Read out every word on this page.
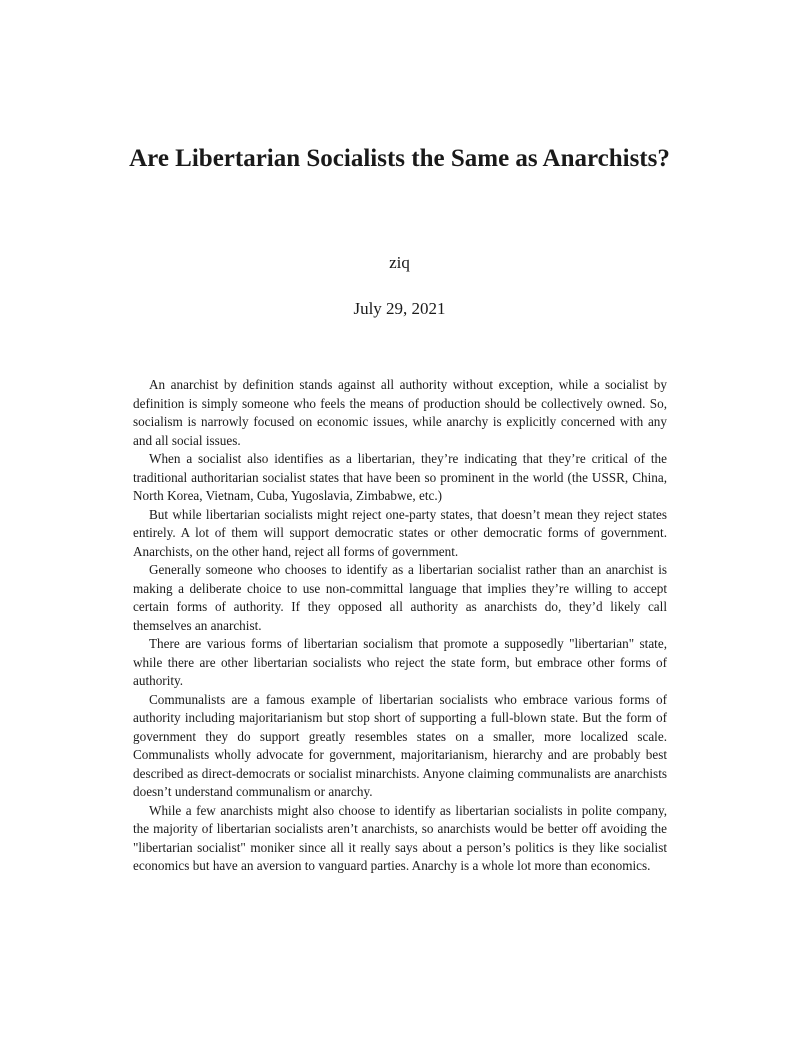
Are Libertarian Socialists the Same as Anarchists?
ziq
July 29, 2021

An anarchist by definition stands against all authority without exception, while a socialist by definition is simply someone who feels the means of production should be collectively owned. So, socialism is narrowly focused on economic issues, while anarchy is explicitly concerned with any and all social issues.

When a socialist also identifies as a libertarian, they’re indicating that they’re critical of the traditional authoritarian socialist states that have been so prominent in the world (the USSR, China, North Korea, Vietnam, Cuba, Yugoslavia, Zimbabwe, etc.)

But while libertarian socialists might reject one-party states, that doesn’t mean they reject states entirely. A lot of them will support democratic states or other democratic forms of government. Anarchists, on the other hand, reject all forms of government.

Generally someone who chooses to identify as a libertarian socialist rather than an anarchist is making a deliberate choice to use non-committal language that implies they’re willing to accept certain forms of authority. If they opposed all authority as anarchists do, they’d likely call themselves an anarchist.

There are various forms of libertarian socialism that promote a supposedly "libertarian" state, while there are other libertarian socialists who reject the state form, but embrace other forms of authority.

Communalists are a famous example of libertarian socialists who embrace various forms of authority including majoritarianism but stop short of supporting a full-blown state. But the form of government they do support greatly resembles states on a smaller, more localized scale. Communalists wholly advocate for government, majoritarianism, hierarchy and are probably best described as direct-democrats or socialist minarchists. Anyone claiming communalists are anarchists doesn’t understand communalism or anarchy.

While a few anarchists might also choose to identify as libertarian socialists in polite company, the majority of libertarian socialists aren’t anarchists, so anarchists would be better off avoiding the "libertarian socialist" moniker since all it really says about a person’s politics is they like socialist economics but have an aversion to vanguard parties. Anarchy is a whole lot more than economics.
